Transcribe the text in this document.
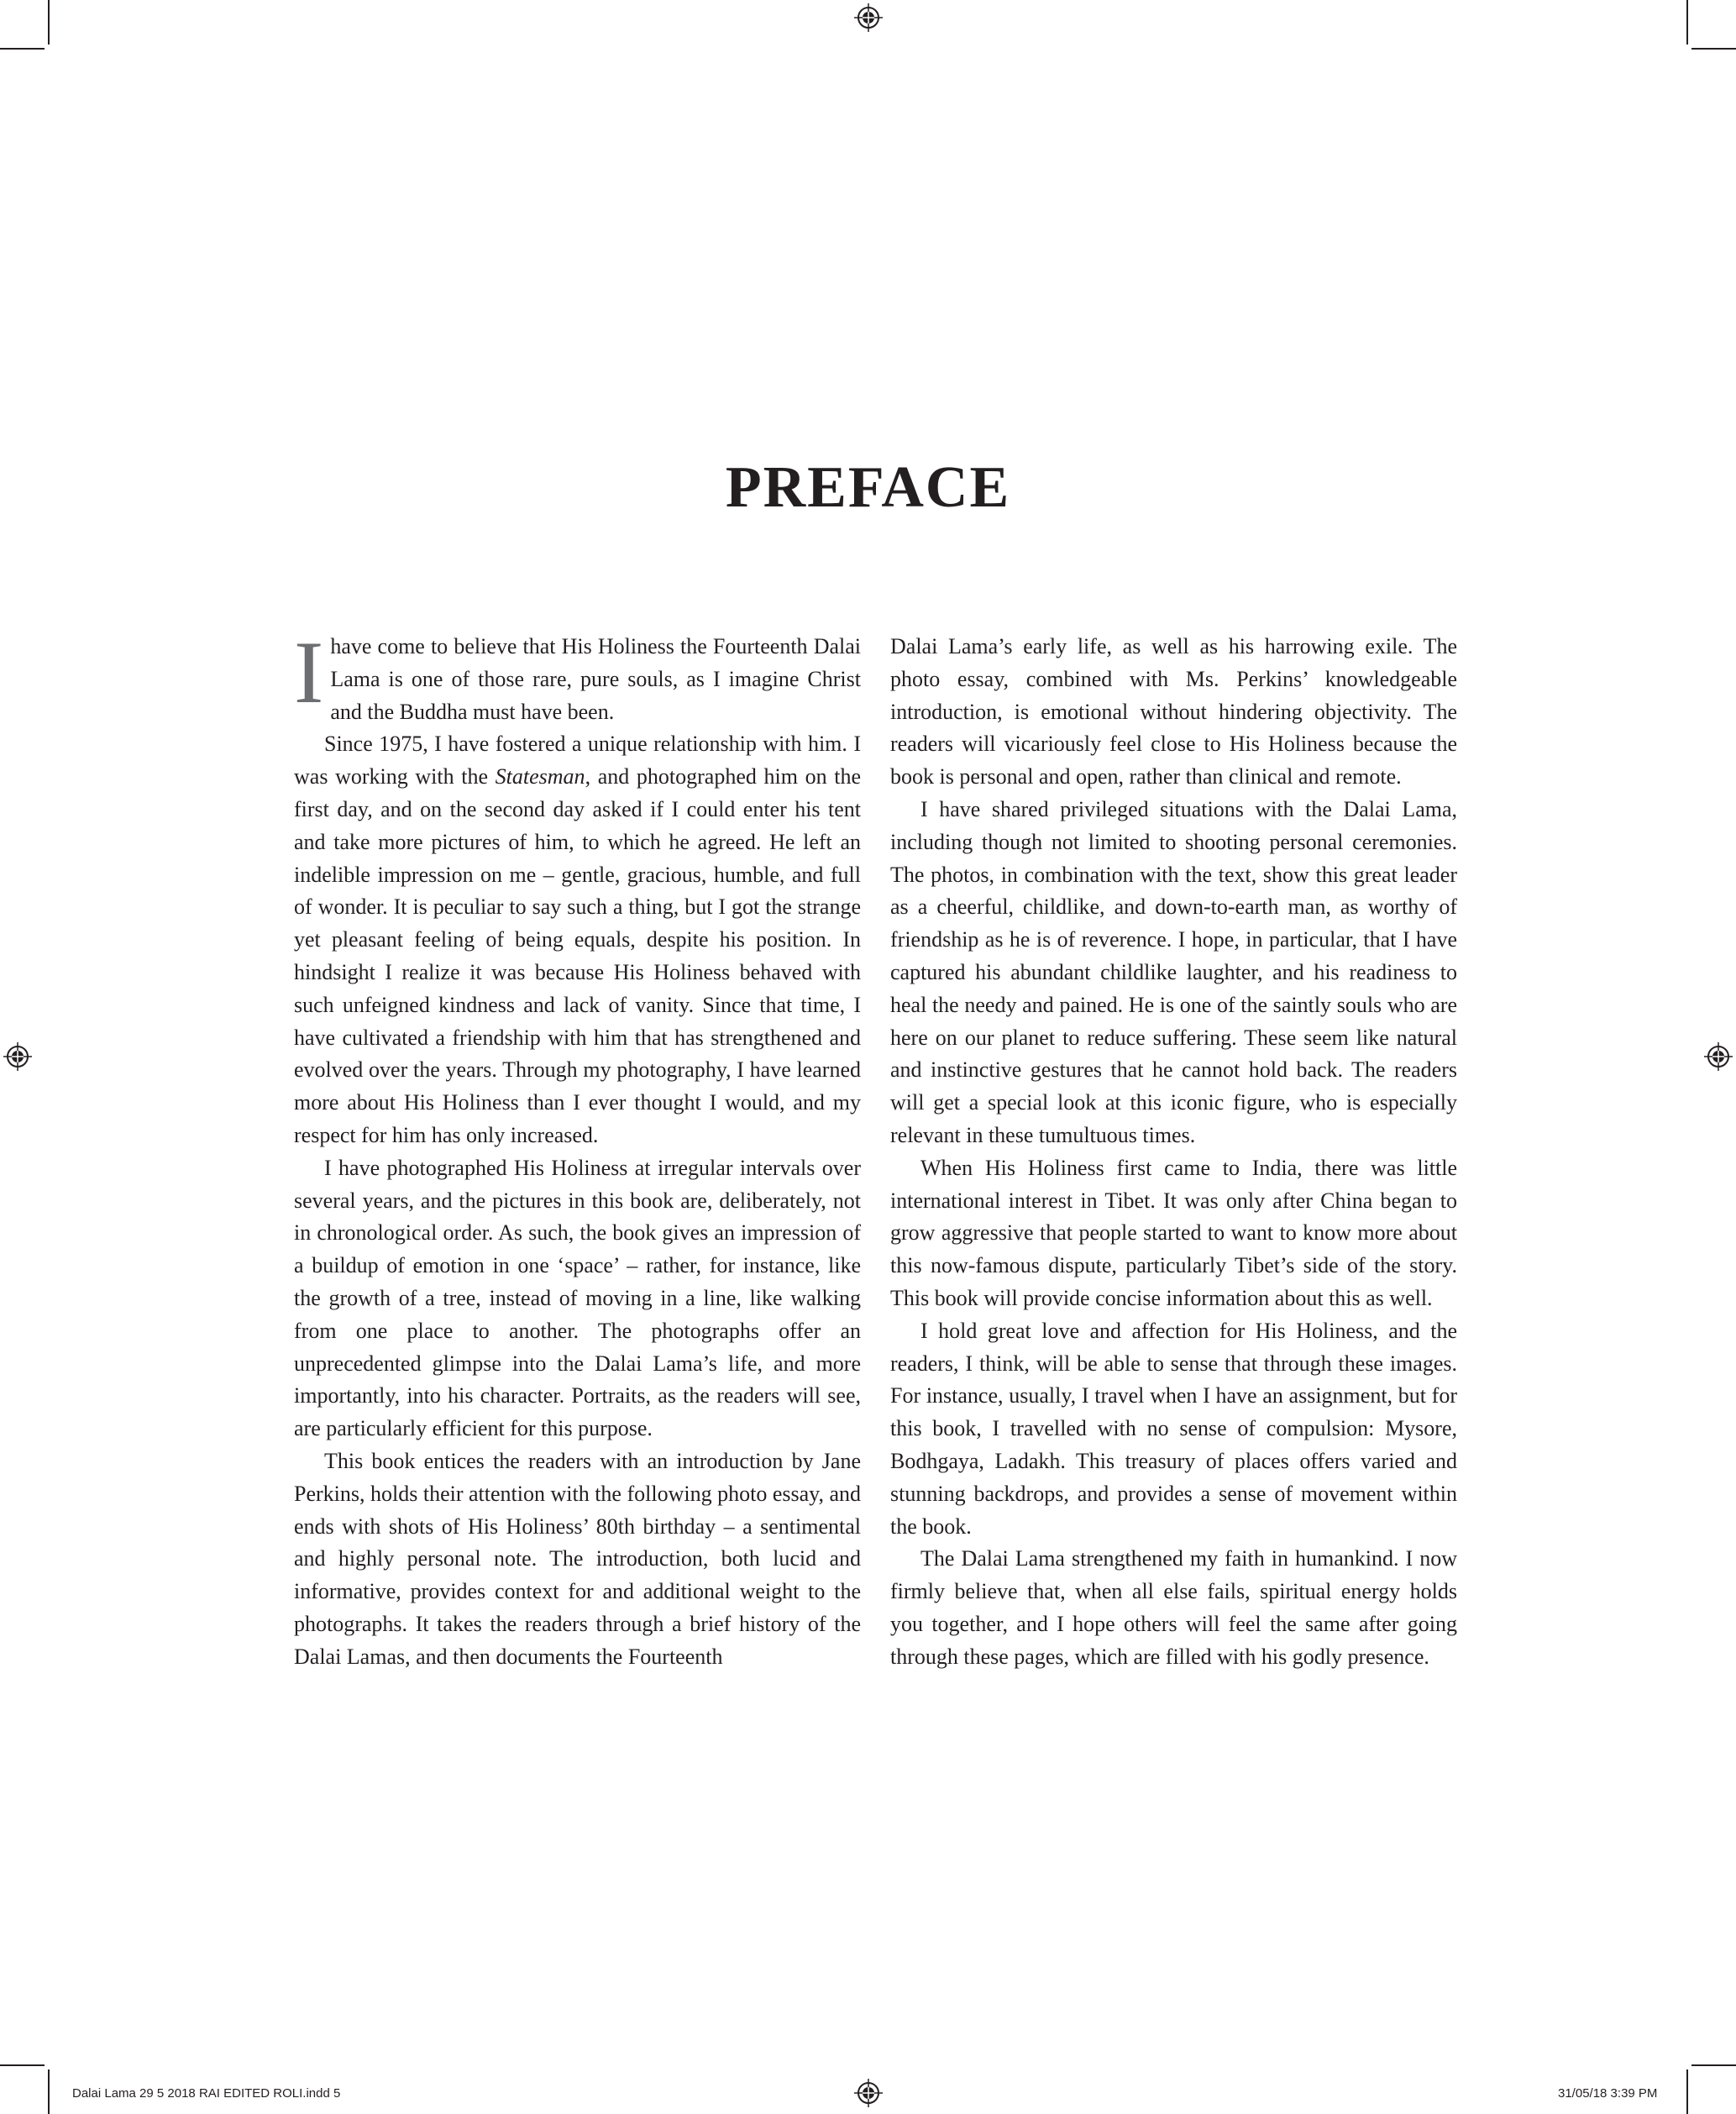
PREFACE

Ihave come to believe that His Holiness the Fourteenth Dalai Lama is one of those rare, pure souls, as I imagine Christ and the Buddha must have been.

Since 1975, I have fostered a unique relationship with him. I was working with the Statesman, and photographed him on the first day, and on the second day asked if I could enter his tent and take more pictures of him, to which he agreed. He left an indelible impression on me – gentle, gracious, humble, and full of wonder. It is peculiar to say such a thing, but I got the strange yet pleasant feeling of being equals, despite his position. In hindsight I realize it was because His Holiness behaved with such unfeigned kindness and lack of vanity. Since that time, I have cultivated a friendship with him that has strengthened and evolved over the years. Through my photography, I have learned more about His Holiness than I ever thought I would, and my respect for him has only increased.

I have photographed His Holiness at irregular intervals over several years, and the pictures in this book are, deliberately, not in chronological order. As such, the book gives an impression of a buildup of emotion in one ‘space’ – rather, for instance, like the growth of a tree, instead of moving in a line, like walking from one place to another. The photographs offer an unprecedented glimpse into the Dalai Lama’s life, and more importantly, into his character. Portraits, as the readers will see, are particularly efficient for this purpose.

This book entices the readers with an introduction by Jane Perkins, holds their attention with the following photo essay, and ends with shots of His Holiness’ 80th birthday – a sentimental and highly personal note. The introduction, both lucid and informative, provides context for and additional weight to the photographs. It takes the readers through a brief history of the Dalai Lamas, and then documents the Fourteenth

Dalai Lama’s early life, as well as his harrowing exile. The photo essay, combined with Ms. Perkins’ knowledgeable introduction, is emotional without hindering objectivity. The readers will vicariously feel close to His Holiness because the book is personal and open, rather than clinical and remote.

I have shared privileged situations with the Dalai Lama, including though not limited to shooting personal ceremonies. The photos, in combination with the text, show this great leader as a cheerful, childlike, and down-to-earth man, as worthy of friendship as he is of reverence. I hope, in particular, that I have captured his abundant childlike laughter, and his readiness to heal the needy and pained. He is one of the saintly souls who are here on our planet to reduce suffering. These seem like natural and instinctive gestures that he cannot hold back. The readers will get a special look at this iconic figure, who is especially relevant in these tumultuous times.

When His Holiness first came to India, there was little international interest in Tibet. It was only after China began to grow aggressive that people started to want to know more about this now-famous dispute, particularly Tibet’s side of the story. This book will provide concise information about this as well.

I hold great love and affection for His Holiness, and the readers, I think, will be able to sense that through these images. For instance, usually, I travel when I have an assignment, but for this book, I travelled with no sense of compulsion: Mysore, Bodhgaya, Ladakh. This treasury of places offers varied and stunning backdrops, and provides a sense of movement within the book.

The Dalai Lama strengthened my faith in humankind. I now firmly believe that, when all else fails, spiritual energy holds you together, and I hope others will feel the same after going through these pages, which are filled with his godly presence.

Dalai Lama 29 5 2018 RAI EDITED ROLI.indd 5	31/05/18 3:39 PM
